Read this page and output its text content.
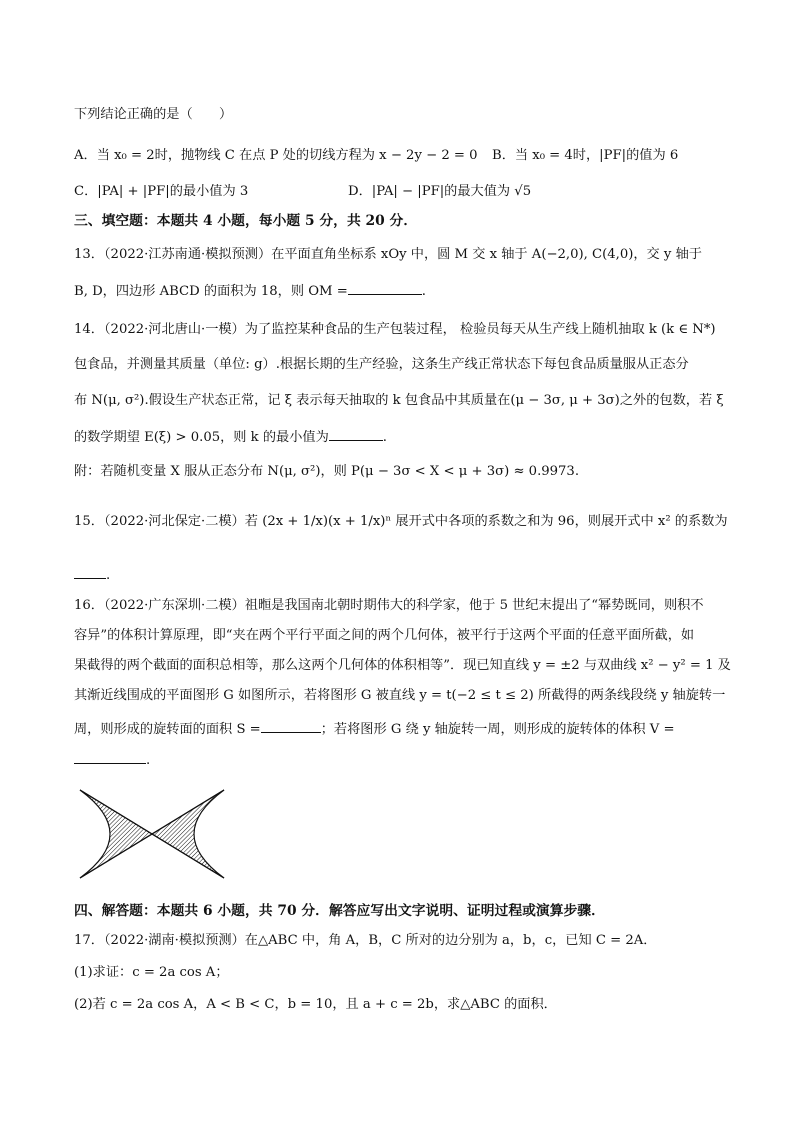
下列结论正确的是（　　）
A．当 x₀ = 2时，抛物线 C 在点 P 处的切线方程为 x − 2y − 2 = 0 B．当 x₀ = 4时，|PF|的值为 6
C．|PA| + |PF|的最小值为 3	D．|PA| − |PF|的最大值为 √5
三、填空题：本题共 4 小题，每小题 5 分，共 20 分．
13．（2022·江苏南通·模拟预测）在平面直角坐标系 xOy 中，圆 M 交 x 轴于 A(−2,0), C(4,0)，交 y 轴于
B, D，四边形 ABCD 的面积为 18，则 OM =	.
14．（2022·河北唐山·一模）为了监控某种食品的生产包装过程， 检验员每天从生产线上随机抽取 k (k ∈ N*)
包食品，并测量其质量（单位: g）.根据长期的生产经验，这条生产线正常状态下每包食品质量服从正态分
布 N(μ, σ²).假设生产状态正常，记 ξ 表示每天抽取的 k 包食品中其质量在(μ − 3σ, μ + 3σ)之外的包数，若 ξ
的数学期望 E(ξ) > 0.05，则 k 的最小值为	.
附：若随机变量 X 服从正态分布 N(μ, σ²)，则 P(μ − 3σ < X < μ + 3σ) ≈ 0.9973.
15．（2022·河北保定·二模）若 (2x + 1/x)(x + 1/x)ⁿ 展开式中各项的系数之和为 96，则展开式中 x² 的系数为
.
16．（2022·广东深圳·二模）祖暅是我国南北朝时期伟大的科学家，他于 5 世纪末提出了“幂势既同，则积不
容异”的体积计算原理，即“夹在两个平行平面之间的两个几何体，被平行于这两个平面的任意平面所截，如
果截得的两个截面的面积总相等，那么这两个几何体的体积相等”．现已知直线 y = ±2 与双曲线 x² − y² = 1 及
其渐近线围成的平面图形 G 如图所示，若将图形 G 被直线 y = t(−2 ≤ t ≤ 2) 所截得的两条线段绕 y 轴旋转一
周，则形成的旋转面的面积 S =	；若将图形 G 绕 y 轴旋转一周，则形成的旋转体的体积 V =
.
四、解答题：本题共 6 小题，共 70 分．解答应写出文字说明、证明过程或演算步骤．
17．（2022·湖南·模拟预测）在△ABC 中，角 A，B，C 所对的边分别为 a，b，c，已知 C = 2A．
(1)求证：c = 2a cos A；
(2)若 c = 2a cos A，A < B < C，b = 10，且 a + c = 2b，求△ABC 的面积．
